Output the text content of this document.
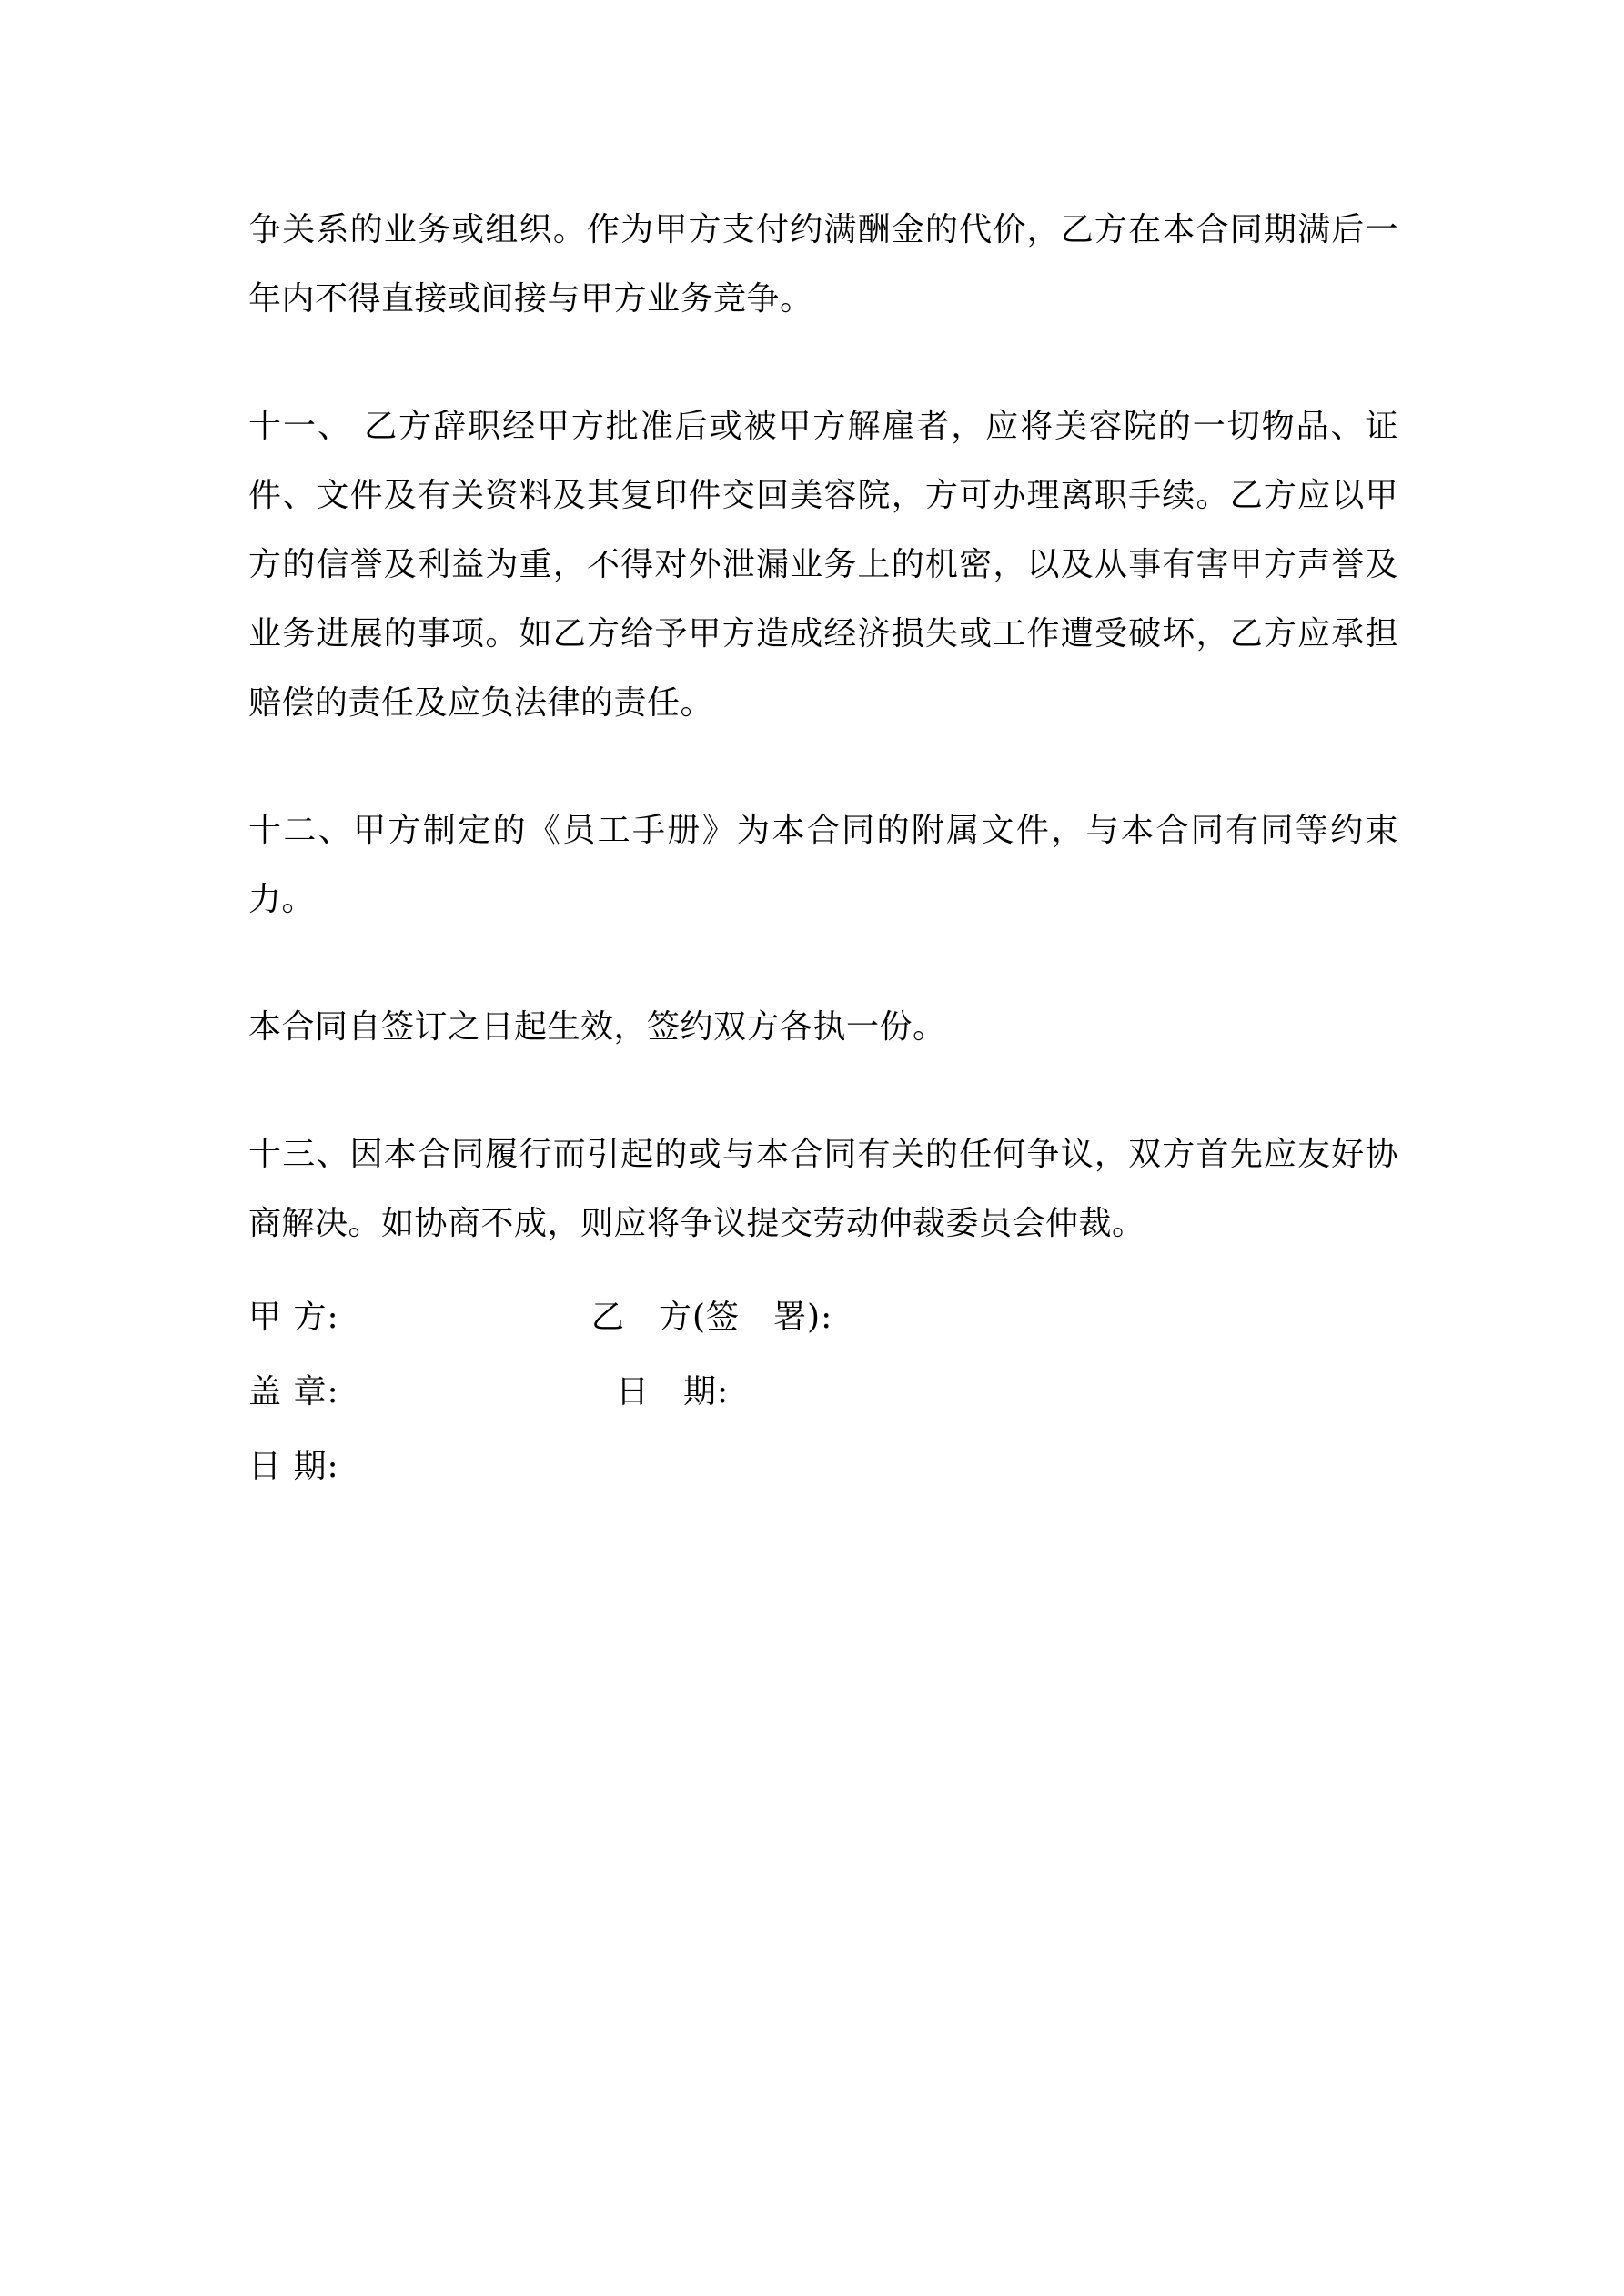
争关系的业务或组织。作为甲方支付约满酬金的代价，乙方在本合同期满后一年内不得直接或间接与甲方业务竞争。

十一、 乙方辞职经甲方批准后或被甲方解雇者，应将美容院的一切物品、证件、文件及有关资料及其复印件交回美容院，方可办理离职手续。乙方应以甲方的信誉及利益为重，不得对外泄漏业务上的机密，以及从事有害甲方声誉及业务进展的事项。如乙方给予甲方造成经济损失或工作遭受破坏，乙方应承担赔偿的责任及应负法律的责任。

十二、甲方制定的《员工手册》为本合同的附属文件，与本合同有同等约束力。

本合同自签订之日起生效，签约双方各执一份。

十三、因本合同履行而引起的或与本合同有关的任何争议，双方首先应友好协商解决。如协商不成，则应将争议提交劳动仲裁委员会仲裁。

甲 方:	乙　方(签　署):
盖 章:	日　期:
日 期:
